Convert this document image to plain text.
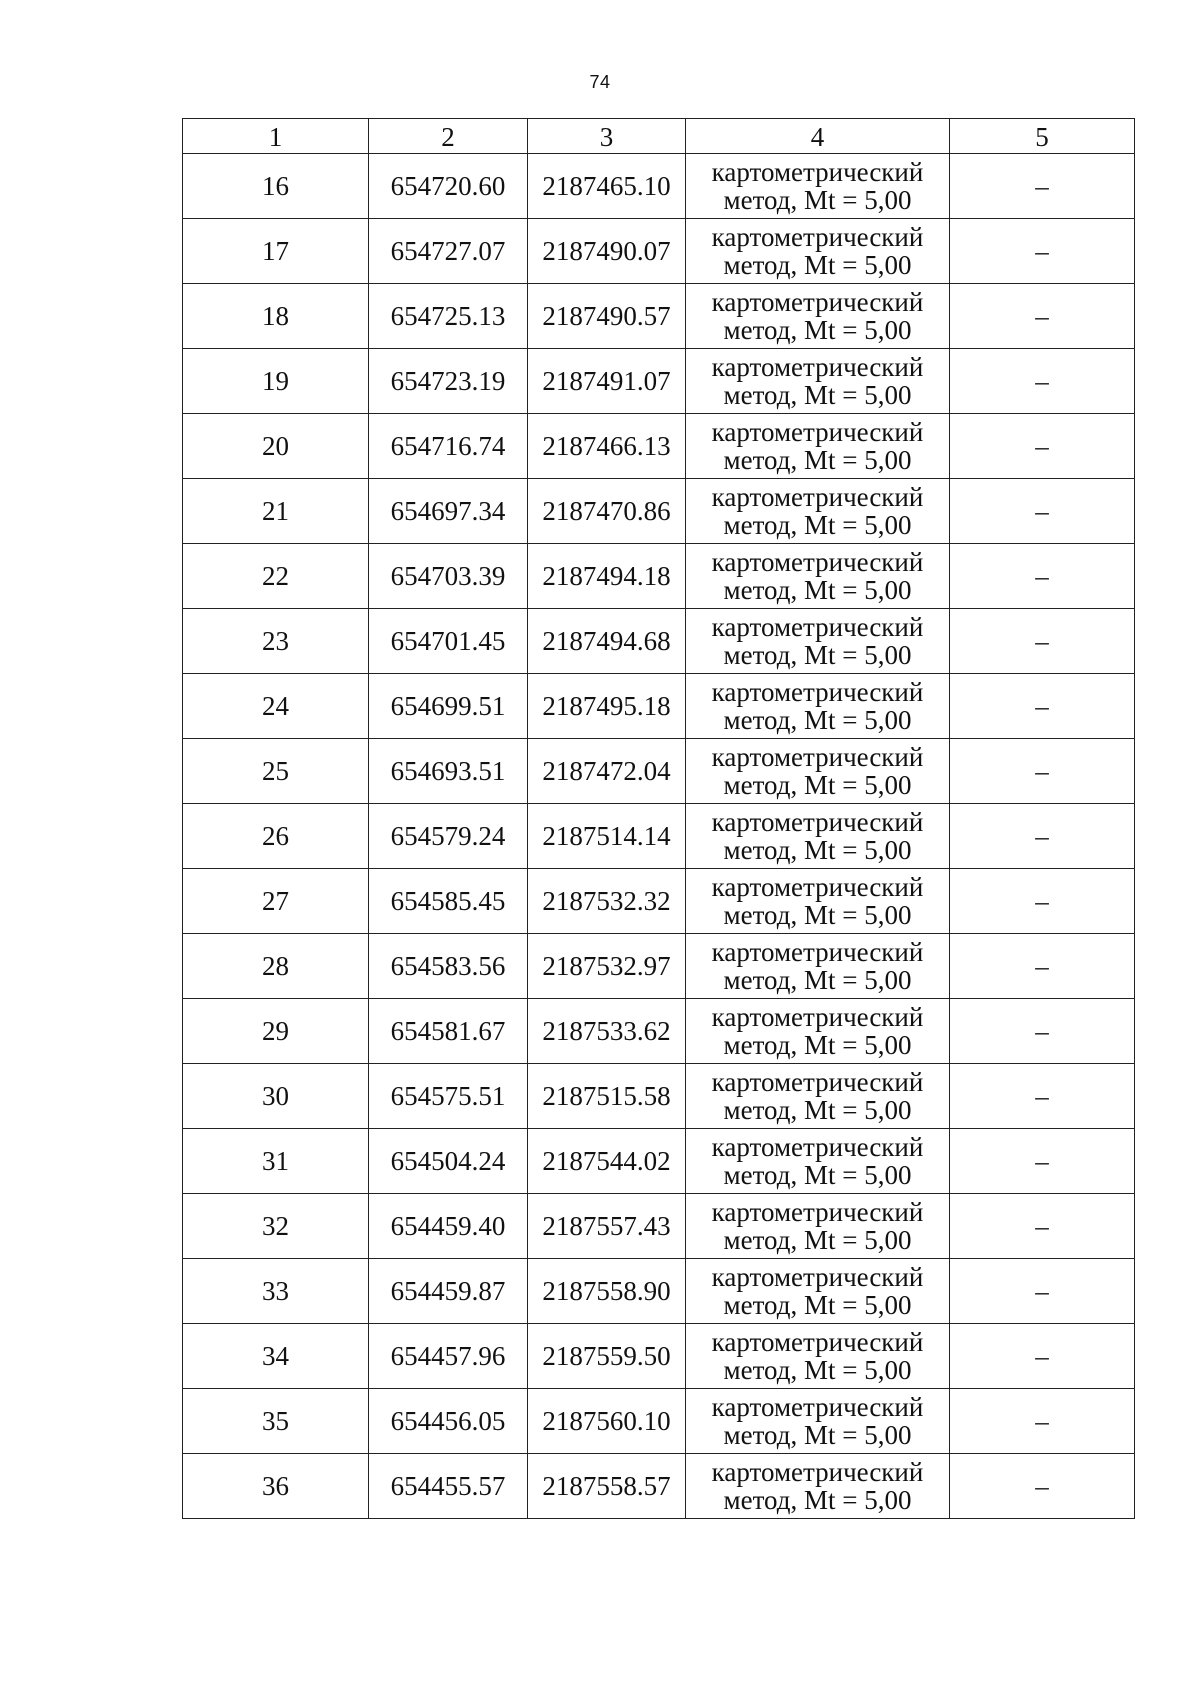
74
1	2	3	4	5
16	654720.60	2187465.10	картометрический
метод, Mt = 5,00	–
17	654727.07	2187490.07	картометрический
метод, Mt = 5,00	–
18	654725.13	2187490.57	картометрический
метод, Mt = 5,00	–
19	654723.19	2187491.07	картометрический
метод, Mt = 5,00	–
20	654716.74	2187466.13	картометрический
метод, Mt = 5,00	–
21	654697.34	2187470.86	картометрический
метод, Mt = 5,00	–
22	654703.39	2187494.18	картометрический
метод, Mt = 5,00	–
23	654701.45	2187494.68	картометрический
метод, Mt = 5,00	–
24	654699.51	2187495.18	картометрический
метод, Mt = 5,00	–
25	654693.51	2187472.04	картометрический
метод, Mt = 5,00	–
26	654579.24	2187514.14	картометрический
метод, Mt = 5,00	–
27	654585.45	2187532.32	картометрический
метод, Mt = 5,00	–
28	654583.56	2187532.97	картометрический
метод, Mt = 5,00	–
29	654581.67	2187533.62	картометрический
метод, Mt = 5,00	–
30	654575.51	2187515.58	картометрический
метод, Mt = 5,00	–
31	654504.24	2187544.02	картометрический
метод, Mt = 5,00	–
32	654459.40	2187557.43	картометрический
метод, Mt = 5,00	–
33	654459.87	2187558.90	картометрический
метод, Mt = 5,00	–
34	654457.96	2187559.50	картометрический
метод, Mt = 5,00	–
35	654456.05	2187560.10	картометрический
метод, Mt = 5,00	–
36	654455.57	2187558.57	картометрический
метод, Mt = 5,00	–
